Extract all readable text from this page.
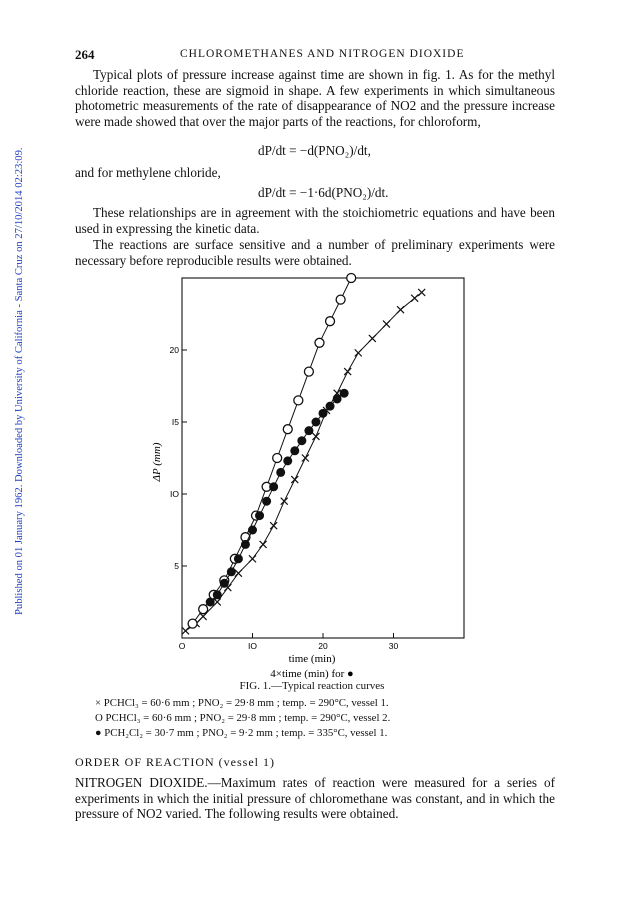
Published on 01 January 1962. Downloaded by University of California - Santa Cruz on 27/10/2014 02:23:09.
264	CHLOROMETHANES AND NITROGEN DIOXIDE

Typical plots of pressure increase against time are shown in fig. 1. As for the methyl chloride reaction, these are sigmoid in shape. A few experiments in which simultaneous photometric measurements of the rate of disappearance of NO2 and the pressure increase were made showed that over the major parts of the reactions, for chloroform,

dP/dt = −d(PNO₂)/dt,

and for methylene chloride,

dP/dt = −1·6d(PNO₂)/dt.

These relationships are in agreement with the stoichiometric equations and have been used in expressing the kinetic data.

The reactions are surface sensitive and a number of preliminary experiments were necessary before reproducible results were obtained.

O	IO	20	30
5
IO
I5
20
ΔP (mm)
time (min)
4×time (min) for ●
FIG. 1.—Typical reaction curves
× PCHCl₃ = 60·6 mm ; PNO₂ = 29·8 mm ; temp. = 290°C, vessel 1.
O PCHCl₃ = 60·6 mm ; PNO₂ = 29·8 mm ; temp. = 290°C, vessel 2.
● PCH₂Cl₂ = 30·7 mm ; PNO₂ = 9·2 mm ; temp. = 335°C, vessel 1.
ORDER OF REACTION (vessel 1)

NITROGEN DIOXIDE.—Maximum rates of reaction were measured for a series of experiments in which the initial pressure of chloromethane was constant, and in which the pressure of NO2 varied. The following results were obtained.
